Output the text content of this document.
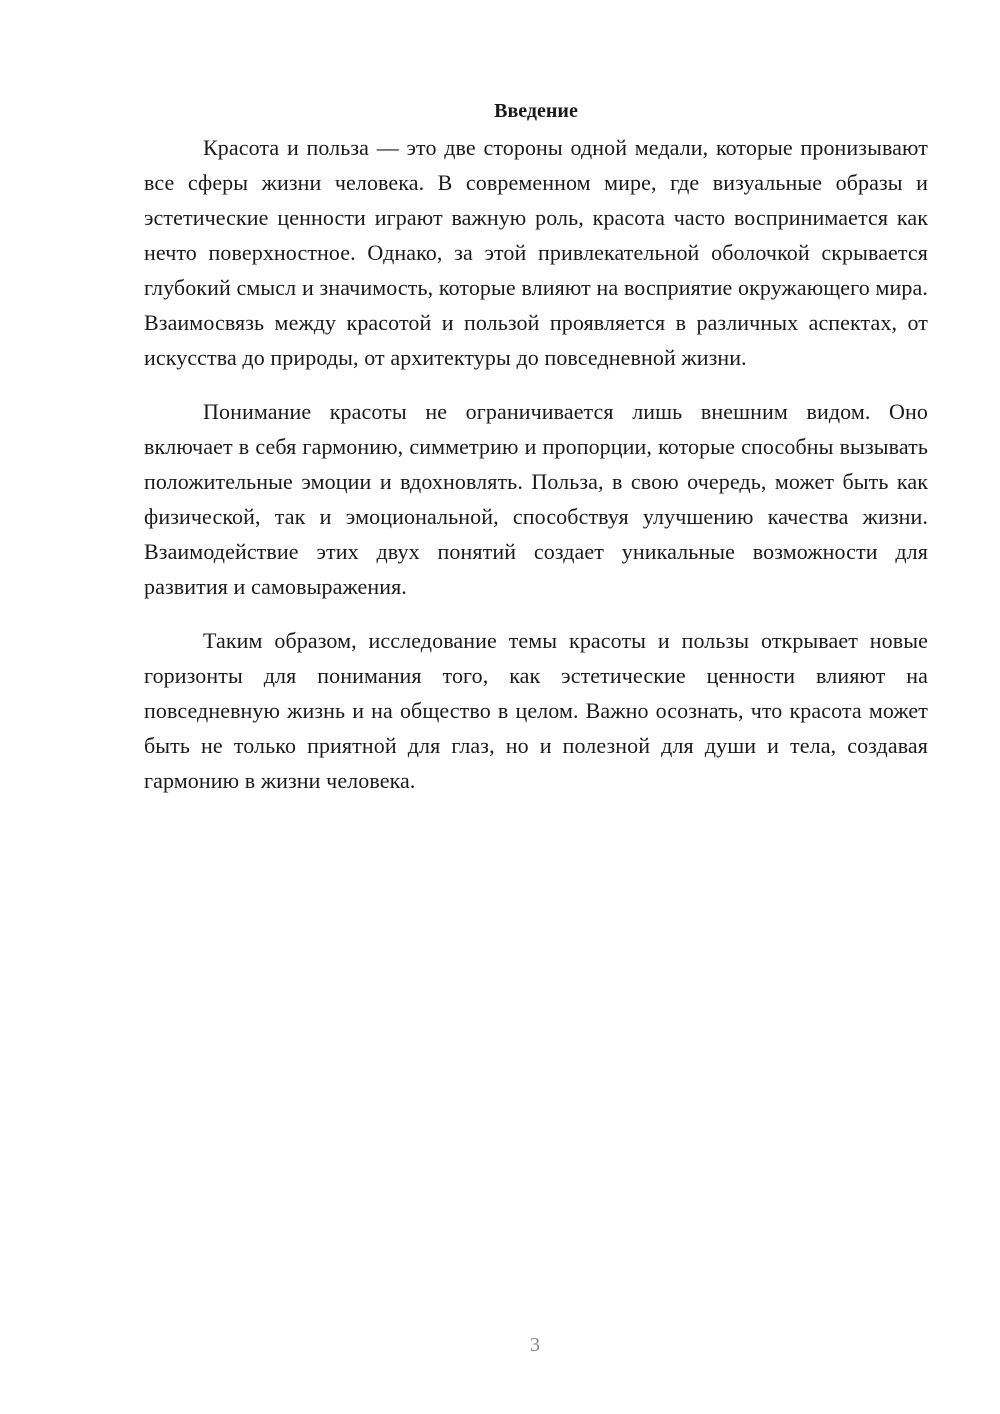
Введение

Красота и польза — это две стороны одной медали, которые пронизывают все сферы жизни человека. В современном мире, где визуальные образы и эстетические ценности играют важную роль, красота часто воспринимается как нечто поверхностное. Однако, за этой привлекательной оболочкой скрывается глубокий смысл и значимость, которые влияют на восприятие окружающего мира. Взаимосвязь между красотой и пользой проявляется в различных аспектах, от искусства до природы, от архитектуры до повседневной жизни.

Понимание красоты не ограничивается лишь внешним видом. Оно включает в себя гармонию, симметрию и пропорции, которые способны вызывать положительные эмоции и вдохновлять. Польза, в свою очередь, может быть как физической, так и эмоциональной, способствуя улучшению качества жизни. Взаимодействие этих двух понятий создает уникальные возможности для развития и самовыражения.

Таким образом, исследование темы красоты и пользы открывает новые горизонты для понимания того, как эстетические ценности влияют на повседневную жизнь и на общество в целом. Важно осознать, что красота может быть не только приятной для глаз, но и полезной для души и тела, создавая гармонию в жизни человека.

3
